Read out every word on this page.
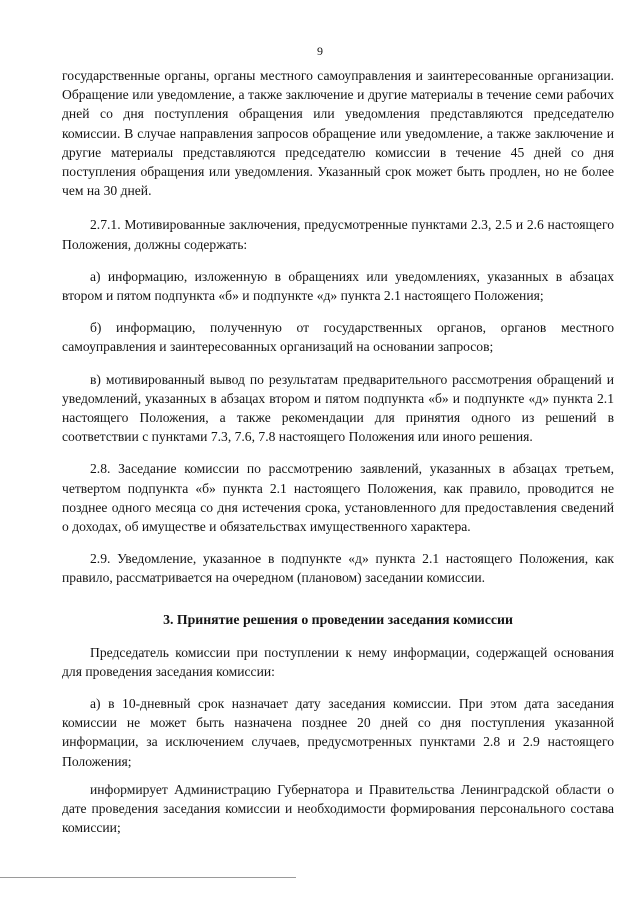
9

государственные органы, органы местного самоуправления и заинтересованные организации. Обращение или уведомление, а также заключение и другие материалы в течение семи рабочих дней со дня поступления обращения или уведомления представляются председателю комиссии. В случае направления запросов обращение или уведомление, а также заключение и другие материалы представляются председателю комиссии в течение 45 дней со дня поступления обращения или уведомления. Указанный срок может быть продлен, но не более чем на 30 дней.

2.7.1. Мотивированные заключения, предусмотренные пунктами 2.3, 2.5 и 2.6 настоящего Положения, должны содержать:

а) информацию, изложенную в обращениях или уведомлениях, указанных в абзацах втором и пятом подпункта «б» и подпункте «д» пункта 2.1 настоящего Положения;

б) информацию, полученную от государственных органов, органов местного самоуправления и заинтересованных организаций на основании запросов;

в) мотивированный вывод по результатам предварительного рассмотрения обращений и уведомлений, указанных в абзацах втором и пятом подпункта «б» и подпункте «д» пункта 2.1 настоящего Положения, а также рекомендации для принятия одного из решений в соответствии с пунктами 7.3, 7.6, 7.8 настоящего Положения или иного решения.

2.8. Заседание комиссии по рассмотрению заявлений, указанных в абзацах третьем, четвертом подпункта «б» пункта 2.1 настоящего Положения, как правило, проводится не позднее одного месяца со дня истечения срока, установленного для предоставления сведений о доходах, об имуществе и обязательствах имущественного характера.

2.9. Уведомление, указанное в подпункте «д» пункта 2.1 настоящего Положения, как правило, рассматривается на очередном (плановом) заседании комиссии.

3. Принятие решения о проведении заседания комиссии

Председатель комиссии при поступлении к нему информации, содержащей основания для проведения заседания комиссии:

а) в 10-дневный срок назначает дату заседания комиссии. При этом дата заседания комиссии не может быть назначена позднее 20 дней со дня поступления указанной информации, за исключением случаев, предусмотренных пунктами 2.8 и 2.9 настоящего Положения;

информирует Администрацию Губернатора и Правительства Ленинградской области о дате проведения заседания комиссии и необходимости формирования персонального состава комиссии;
